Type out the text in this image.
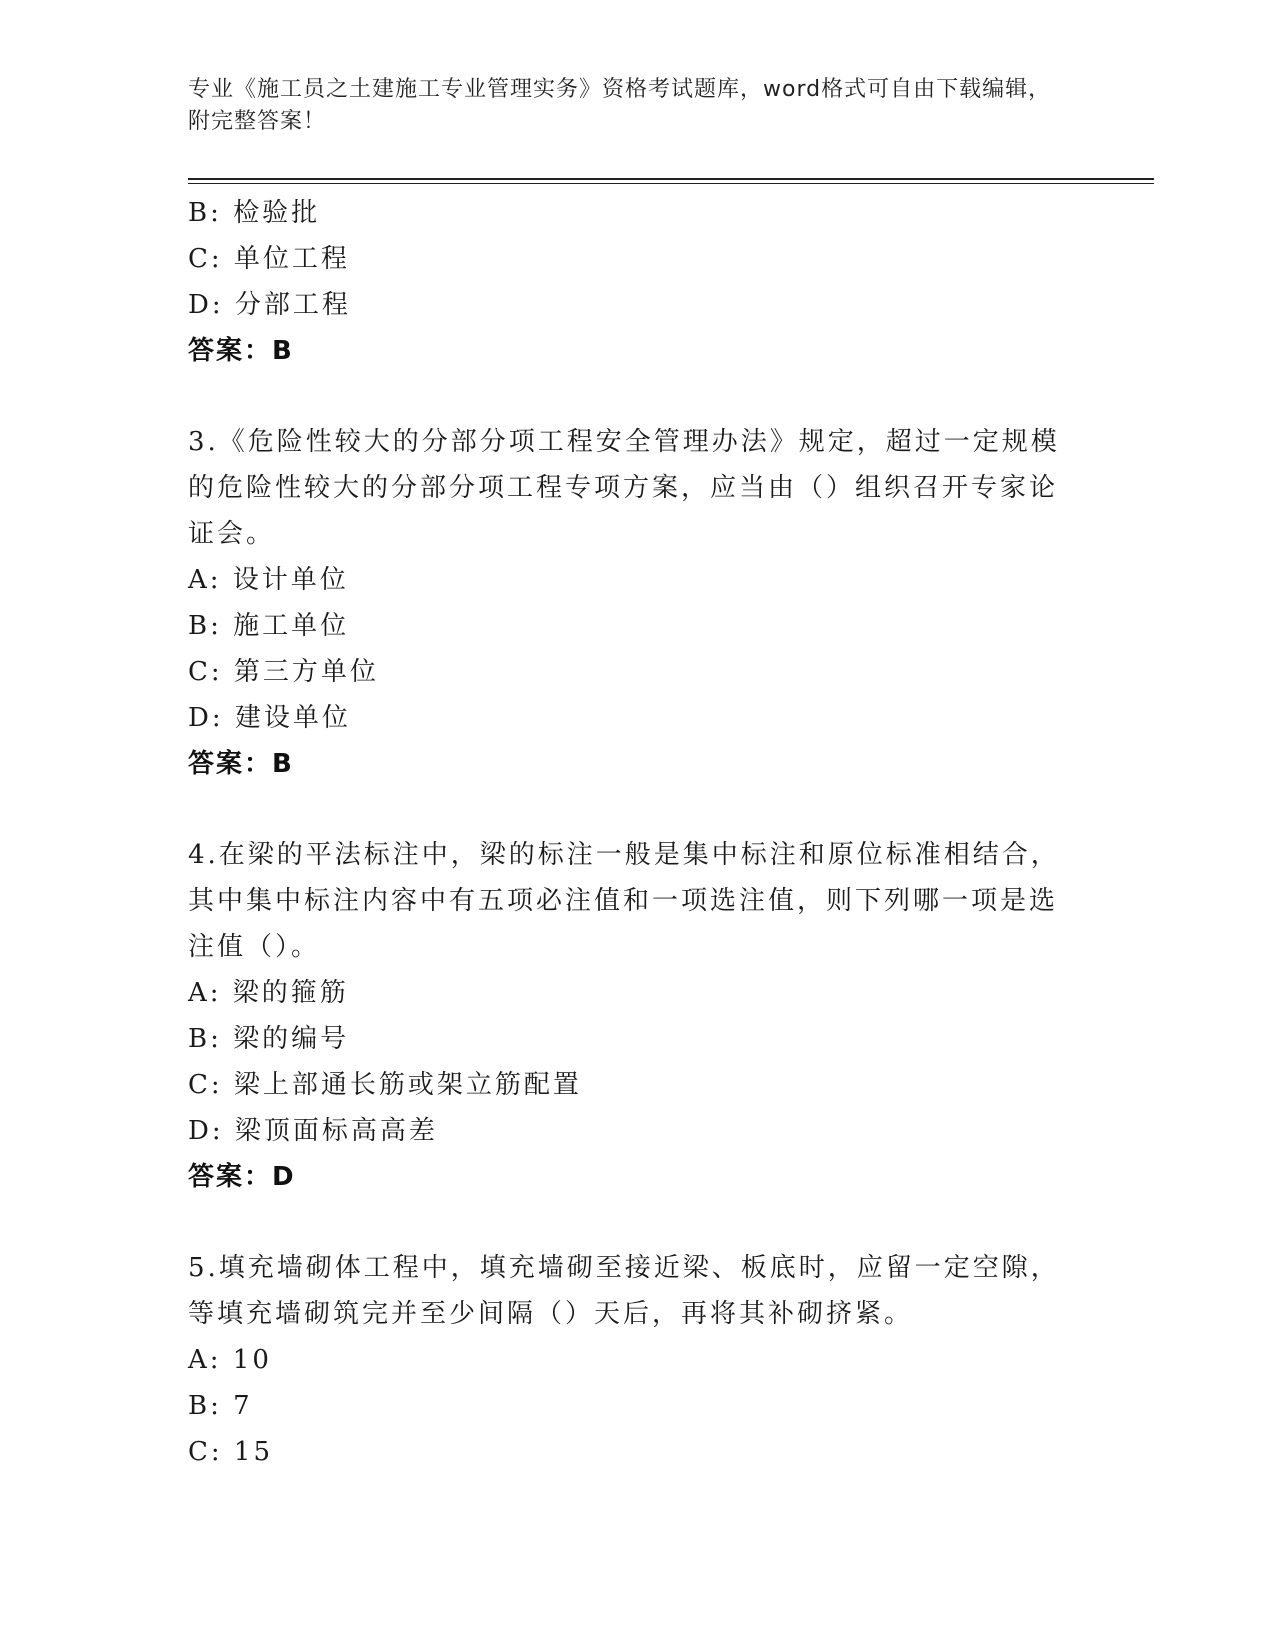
专业《施工员之土建施工专业管理实务》资格考试题库，word格式可自由下载编辑，附完整答案！
B: 检验批
C: 单位工程
D: 分部工程
答案：B
3.《危险性较大的分部分项工程安全管理办法》规定，超过一定规模的危险性较大的分部分项工程专项方案，应当由（）组织召开专家论证会。
A: 设计单位
B: 施工单位
C: 第三方单位
D: 建设单位
答案：B
4.在梁的平法标注中，梁的标注一般是集中标注和原位标准相结合，其中集中标注内容中有五项必注值和一项选注值，则下列哪一项是选注值（）。
A: 梁的箍筋
B: 梁的编号
C: 梁上部通长筋或架立筋配置
D: 梁顶面标高高差
答案：D
5.填充墙砌体工程中，填充墙砌至接近梁、板底时，应留一定空隙，等填充墙砌筑完并至少间隔（）天后，再将其补砌挤紧。
A: 10
B: 7
C: 15
